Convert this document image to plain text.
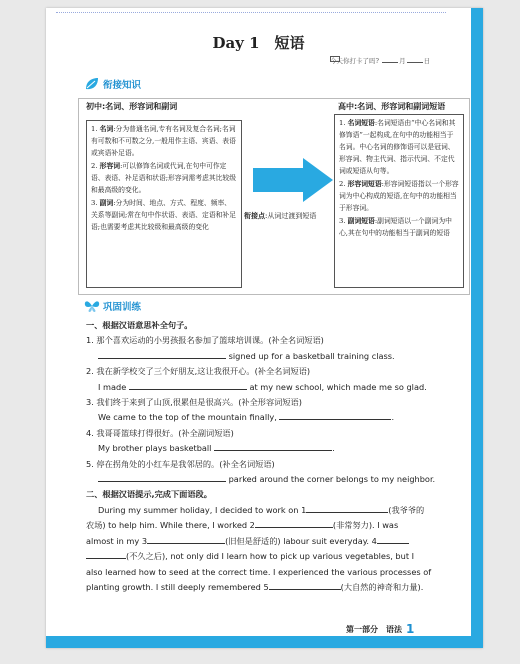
Day 1　短语
今天你打卡了吗?	月	日
衔接知识
初中:名词、形容词和副词	高中:名词、形容词和副词短语

1. 名词:分为普通名词,专有名词及复合名词;名词有可数和不可数之分,一般用作主语、宾语、表语或宾语补足语。

2. 形容词:可以修饰名词或代词,在句中可作定语、表语、补足语和状语;形容词需考虑其比较级和最高级的变化。

3. 副词:分为时间、地点、方式、程度、频率、关系等副词;常在句中作状语、表语、定语和补足语;也需要考虑其比较级和最高级的变化

衔接点:从词过渡到短语

1. 名词短语:名词短语由“中心名词和其修饰语”一起构成,在句中的功能相当于名词。中心名词的修饰语可以是冠词、形容词、物主代词、指示代词、不定代词或短语从句等。

2. 形容词短语:形容词短语指以一个形容词为中心构成的短语,在句中的功能相当于形容词。

3. 副词短语:副词短语以一个副词为中心,其在句中的功能相当于副词的短语

巩固训练
一、根据汉语意思补全句子。
1. 那个喜欢运动的小男孩报名参加了篮球培训课。(补全名词短语)
signed up for a basketball training class.
2. 我在新学校交了三个好朋友,这让我很开心。(补全名词短语)
I made	at my new school, which made me so glad.
3. 我们终于来到了山顶,很累但是很高兴。(补全形容词短语)
We came to the top of the mountain finally,	.
4. 我哥哥篮球打得很好。(补全副词短语)
My brother plays basketball	.
5. 停在拐角处的小红车是我邻居的。(补全名词短语)
parked around the corner belongs to my neighbor.
二、根据汉语提示,完成下面语段。
During my summer holiday, I decided to work on 1	(我爷爷的
农场) to help him. While there, I worked 2	(非常努力). I was
almost in my 3	(旧但是舒适的) labour suit everyday. 4
(不久之后), not only did I learn how to pick up various vegetables, but I
also learned how to seed at the correct time. I experienced the various processes of
planting growth. I still deeply remembered 5	(大自然的神奇和力量).
第一部分　语法 1
